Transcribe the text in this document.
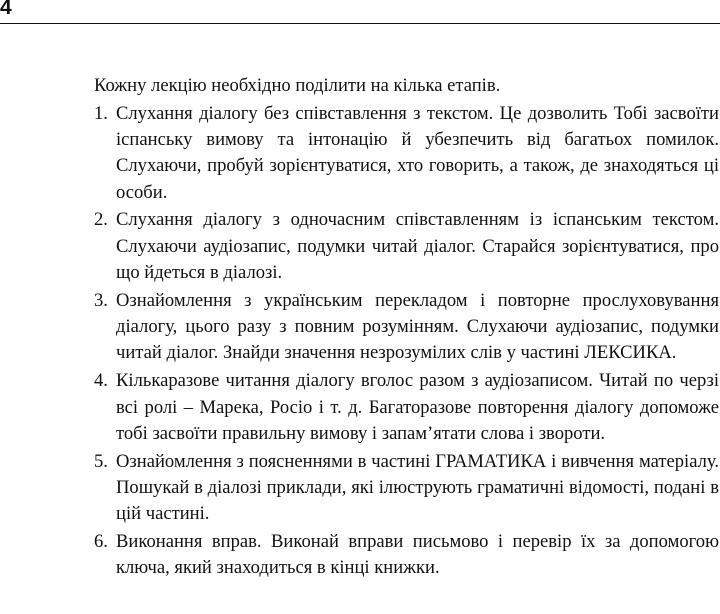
4

Кожну лекцію необхідно поділити на кілька етапів.

1. Слухання діалогу без співставлення з текстом. Це дозволить Тобі засвоїти іспанську вимову та інтонацію й убезпечить від багатьох помилок. Слухаючи, пробуй зорієнтуватися, хто говорить, а також, де знаходяться ці особи.
2. Слухання діалогу з одночасним співставленням із іспанським текстом. Слухаючи аудіозапис, подумки читай діалог. Старайся зорієнтуватися, про що йдеться в діалозі.
3. Ознайомлення з українським перекладом і повторне прослуховування діалогу, цього разу з повним розумінням. Слухаючи аудіозапис, подумки читай діалог. Знайди значення незрозумілих слів у частині ЛЕКСИКА.
4. Кількаразове читання діалогу вголос разом з аудіозаписом. Читай по черзі всі ролі – Марека, Росіо і т. д. Багаторазове повторення діалогу допоможе тобі засвоїти правильну вимову і запам’ятати слова і звороти.
5. Ознайомлення з поясненнями в частині ГРАМАТИКА і вивчення матеріалу. Пошукай в діалозі приклади, які ілюструють граматичні відомості, подані в цій частині.
6. Виконання вправ. Виконай вправи письмово і перевір їх за допомогою ключа, який знаходиться в кінці книжки.
